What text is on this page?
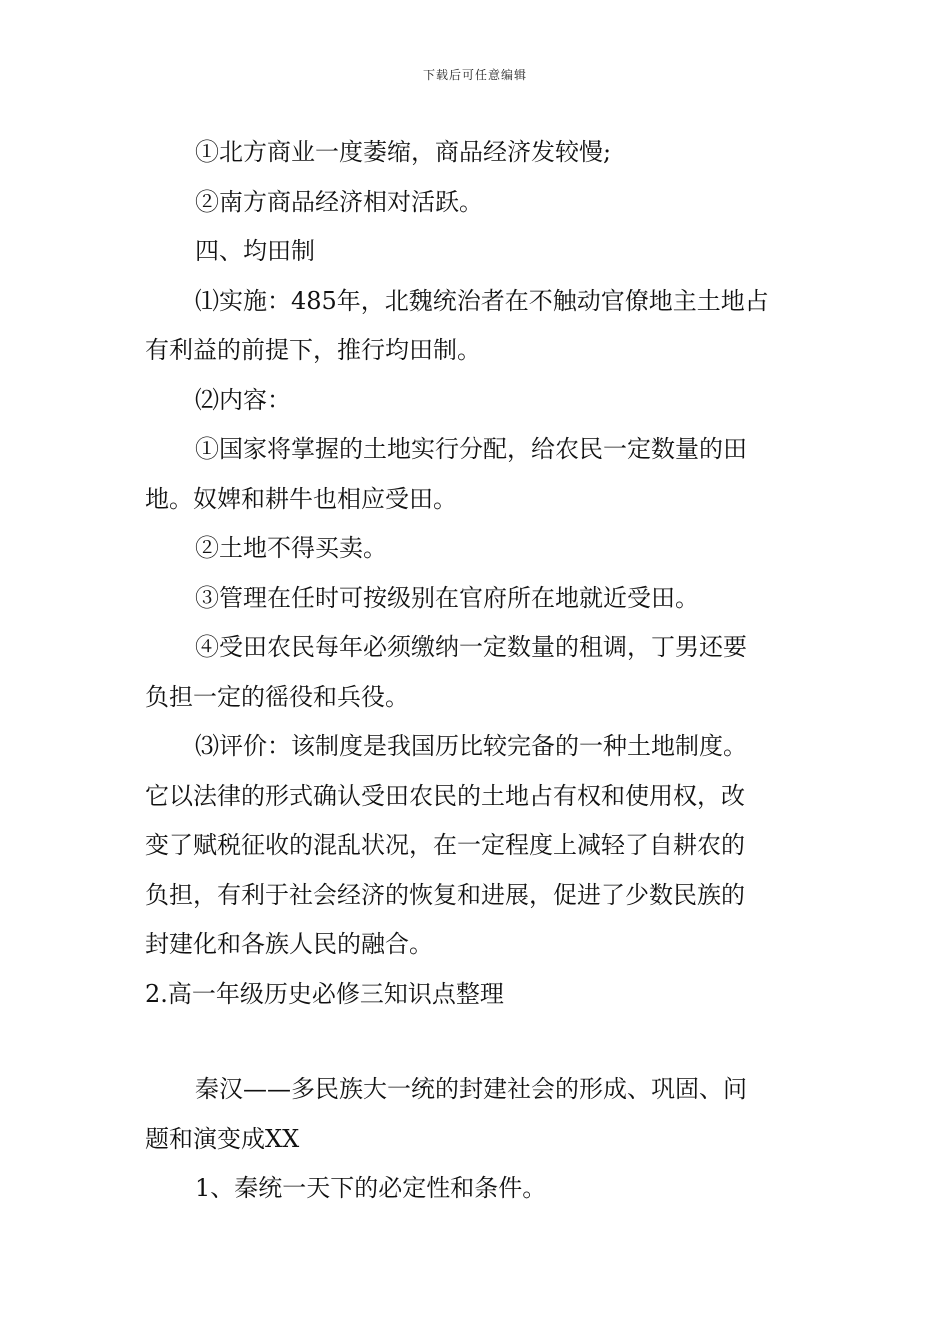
下载后可任意编辑
①北方商业一度萎缩，商品经济发较慢;
②南方商品经济相对活跃。
四、均田制
⑴实施：485年，北魏统治者在不触动官僚地主土地占
有利益的前提下，推行均田制。
⑵内容：
①国家将掌握的土地实行分配，给农民一定数量的田
地。奴婢和耕牛也相应受田。
②土地不得买卖。
③管理在任时可按级别在官府所在地就近受田。
④受田农民每年必须缴纳一定数量的租调，丁男还要
负担一定的徭役和兵役。
⑶评价：该制度是我国历比较完备的一种土地制度。
它以法律的形式确认受田农民的土地占有权和使用权，改
变了赋税征收的混乱状况，在一定程度上减轻了自耕农的
负担，有利于社会经济的恢复和进展，促进了少数民族的
封建化和各族人民的融合。
2.高一年级历史必修三知识点整理
秦汉——多民族大一统的封建社会的形成、巩固、问
题和演变成XX
1、秦统一天下的必定性和条件。
